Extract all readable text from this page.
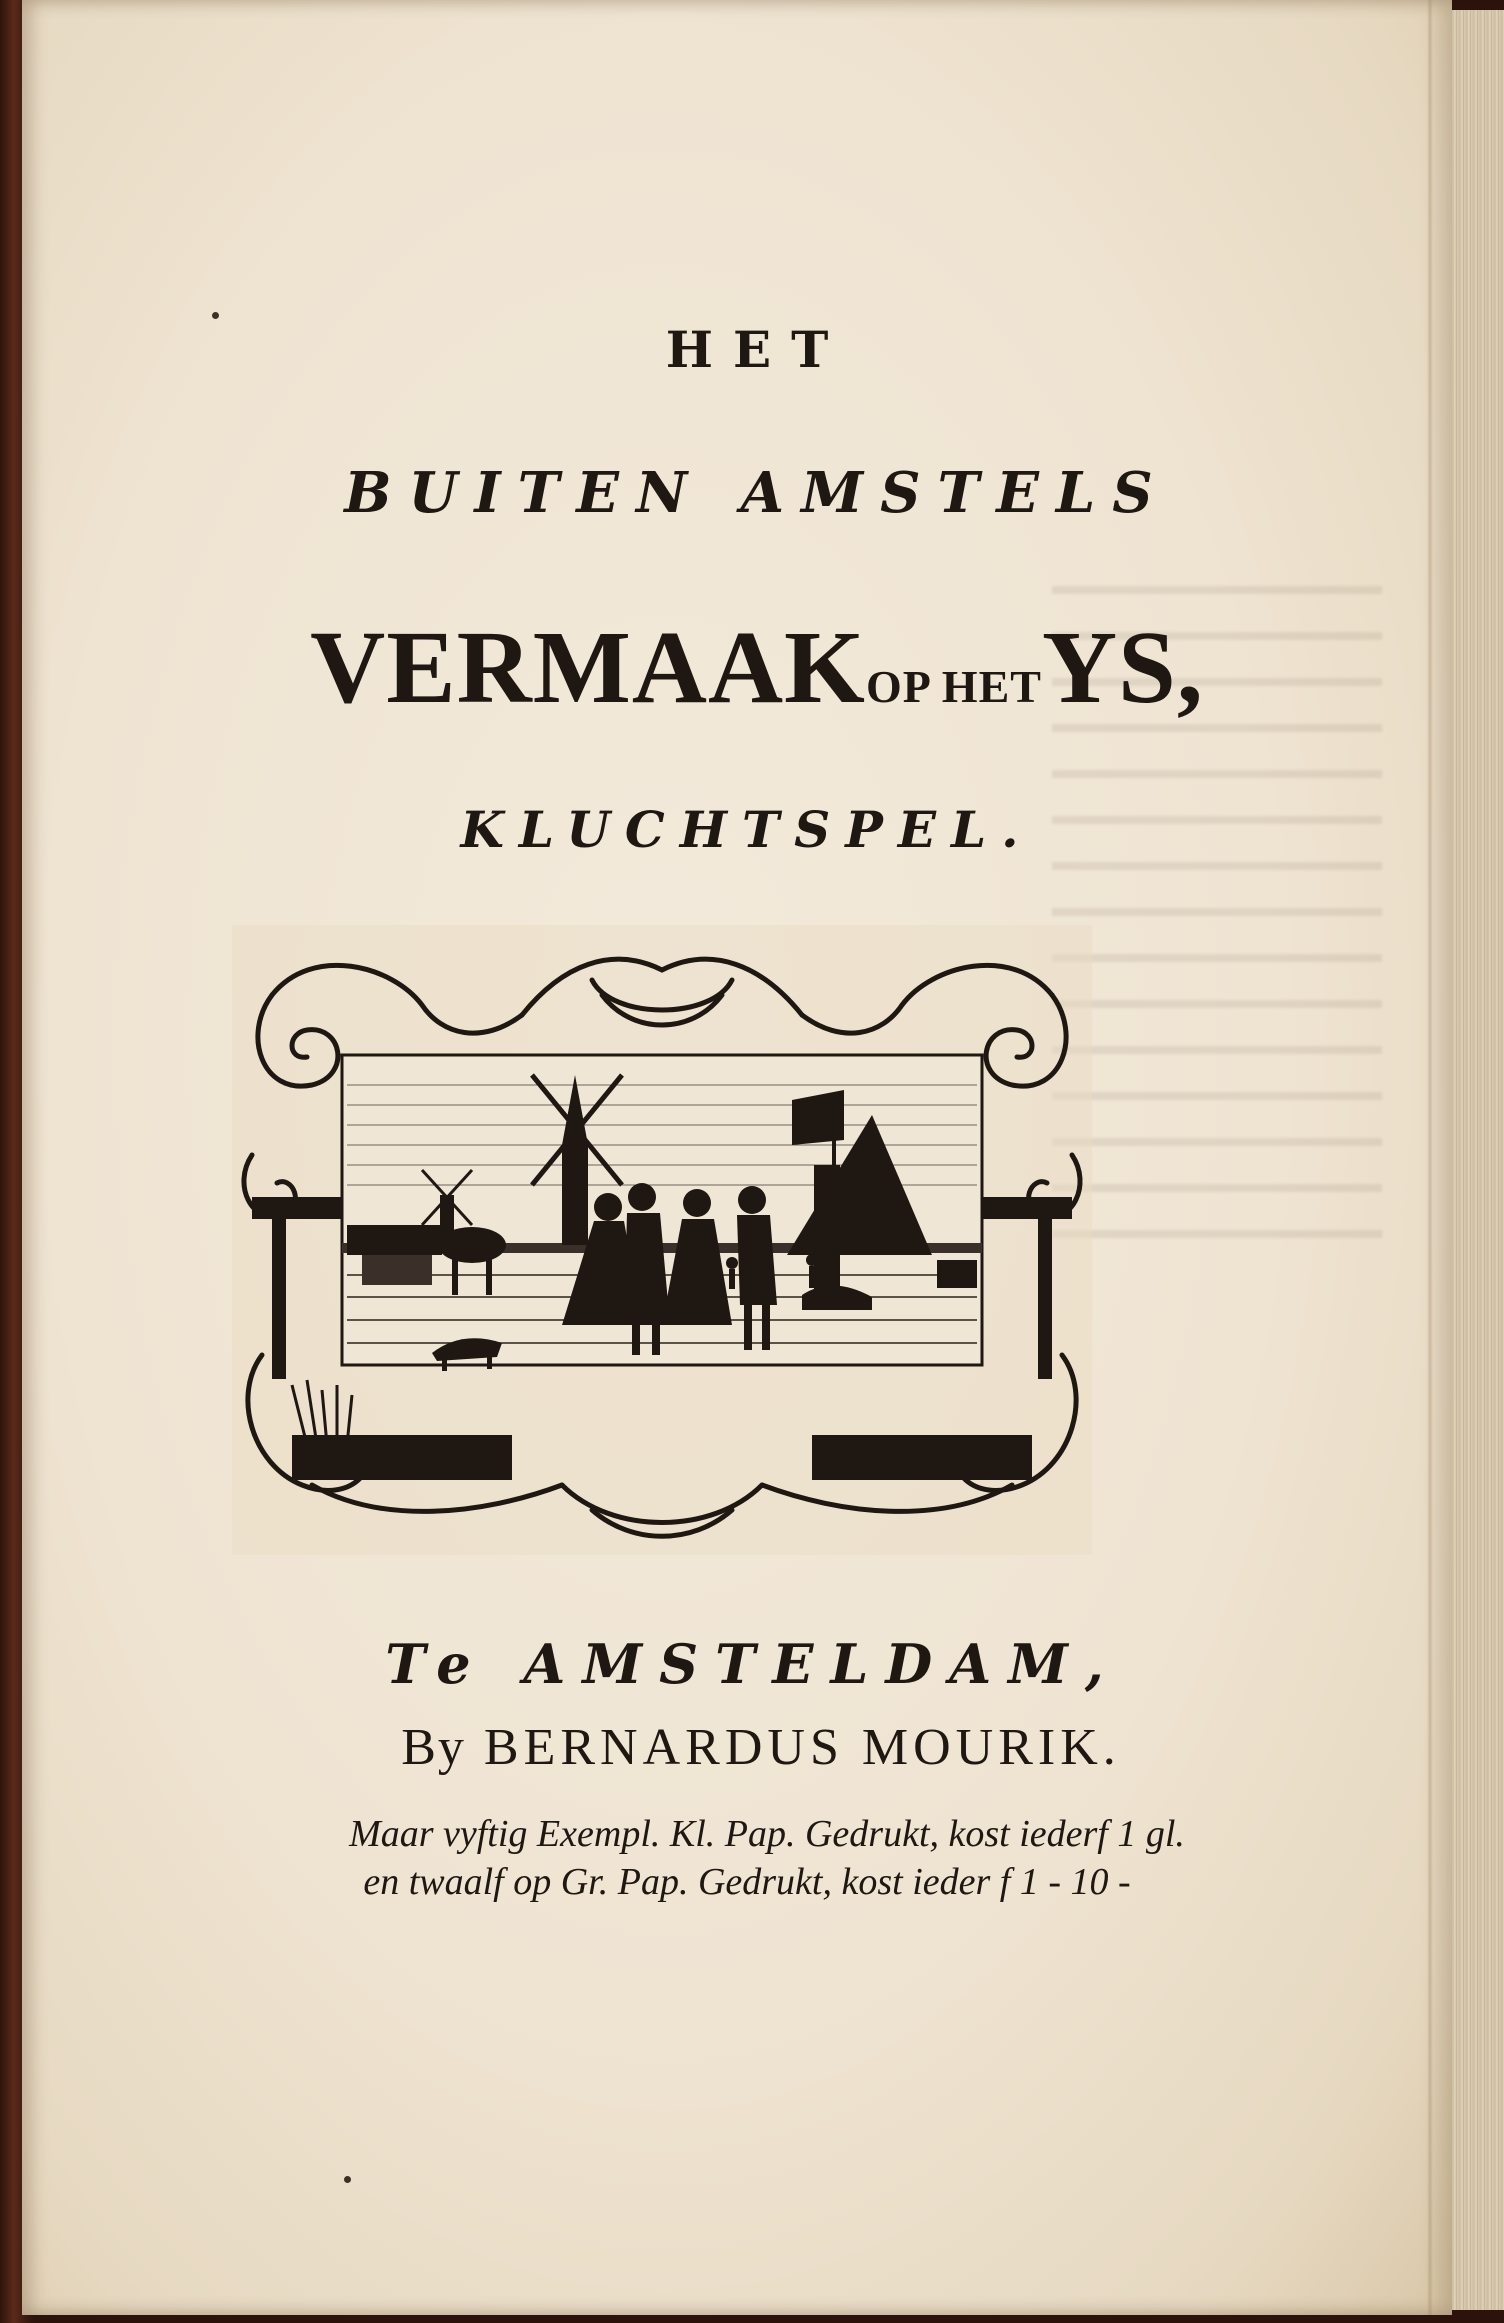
HET

BUITEN AMSTELS

VERMAAKOP HETYS,

KLUCHTSPEL.

Te AMSTELDAM,

By BERNARDUS MOURIK.

Maar vyftig Exempl. Kl. Pap. Gedrukt, kost iederf 1 gl.

en twaalf op Gr. Pap. Gedrukt, kost ieder f 1 - 10 -
